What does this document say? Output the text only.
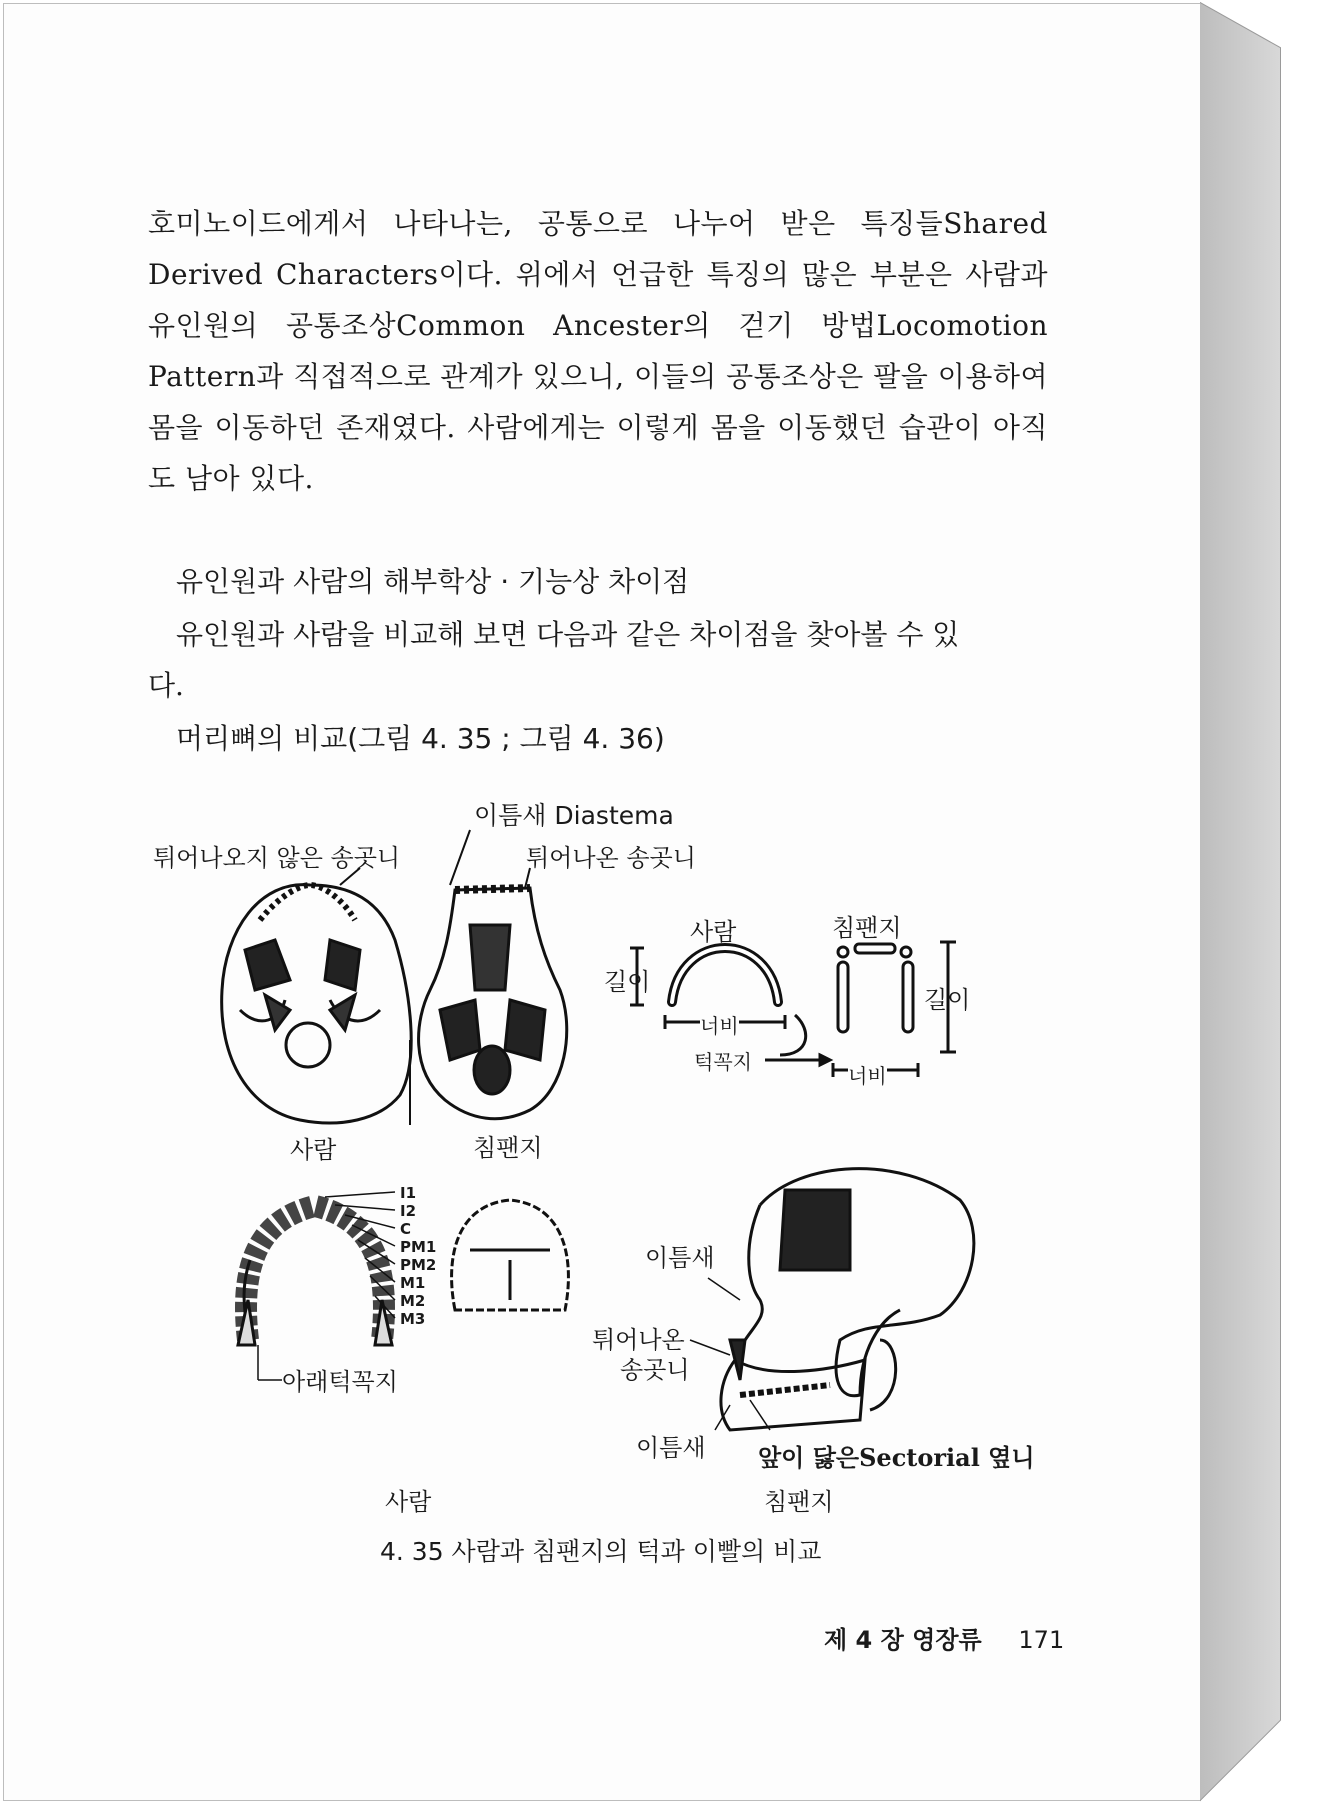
호미노이드에게서 나타나는, 공통으로 나누어 받은 특징들Shared Derived Characters이다. 위에서 언급한 특징의 많은 부분은 사람과 유인원의 공통조상Common Ancester의 걷기 방법Locomotion Pattern과 직접적으로 관계가 있으니, 이들의 공통조상은 팔을 이용하여 몸을 이동하던 존재였다. 사람에게는 이렇게 몸을 이동했던 습관이 아직도 남아 있다.

유인원과 사람의 해부학상 · 기능상 차이점
유인원과 사람을 비교해 보면 다음과 같은 차이점을 찾아볼 수 있
다.
머리뼈의 비교(그림 4. 35 ; 그림 4. 36)
이틈새 Diastema
튀어나오지 않은 송곳니	튀어나온 송곳니
사람	침팬지
사람	침팬지
길이
길이
너비
너비
턱꼭지
I1
I2
C
PM1
PM2
M1
M2
M3
아래턱꼭지
이틈새
튀어나온
송곳니
이틈새 앞이 닳은Sectorial 옆니
사람	침팬지
4. 35 사람과 침팬지의 턱과 이빨의 비교
제 4 장 영장류 171
